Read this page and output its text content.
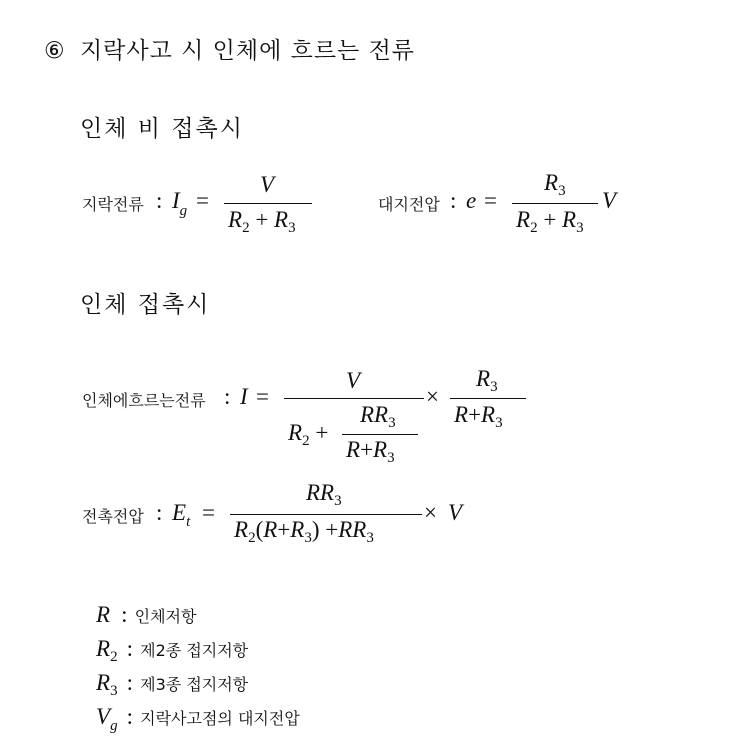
⑥ 지락사고 시 인체에 흐르는 전류
인체 비 접촉시
지락전류 : $I_g$ =
V
$R_2 + R_3$
대지전압 : e =
$R_3$
$R_2 + R_3$
V
인체 접촉시
인체에흐르는전류 : I =
V
$R_2$ +
$RR_3$
$R+R_3$
×
$R_3$
$R+R_3$
전촉전압 : $E_t$ =
$RR_3$
$R_2(R+R_3) +RR_3$
× V
R : 인체저항
R2 : 제2종 접지저항
R3 : 제3종 접지저항
Vg : 지락사고점의 대지전압
